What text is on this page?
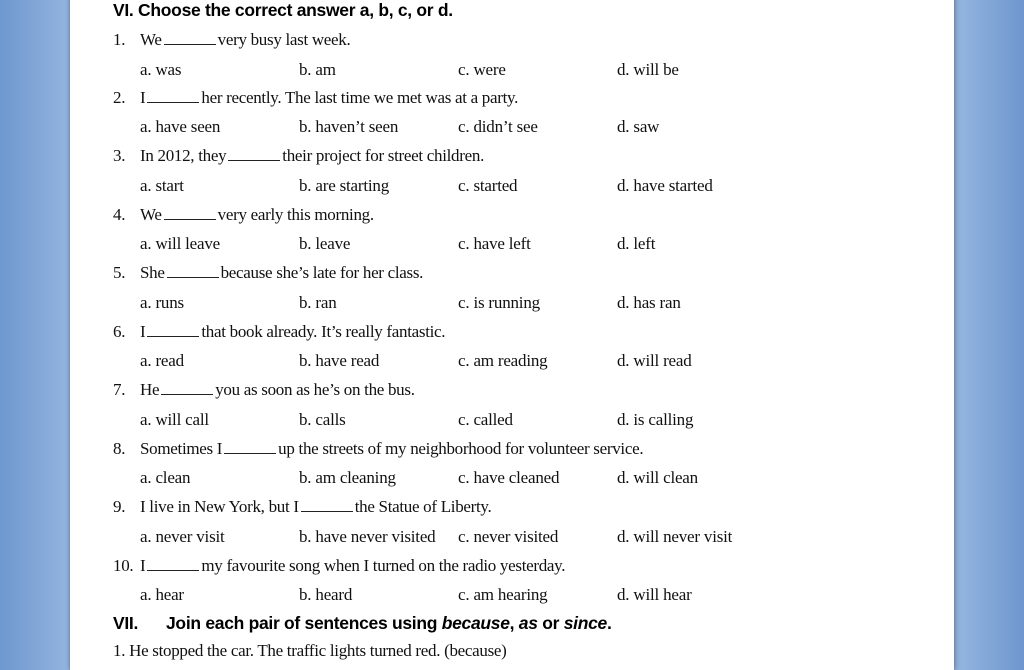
VI. Choose the correct answer a, b, c, or d.
1. We	very busy last week.
a. was	b. am	c. were	d. will be
2. I	her recently. The last time we met was at a party.
a. have seen	b. haven’t seen	c. didn’t see	d. saw
3. In 2012, they	their project for street children.
a. start	b. are starting	c. started	d. have started
4. We	very early this morning.
a. will leave	b. leave	c. have left	d. left
5. She	because she’s late for her class.
a. runs	b. ran	c. is running	d. has ran
6. I	that book already. It’s really fantastic.
a. read	b. have read	c. am reading	d. will read
7. He	you as soon as he’s on the bus.
a. will call	b. calls	c. called	d. is calling
8. Sometimes I	up the streets of my neighborhood for volunteer service.
a. clean	b. am cleaning	c. have cleaned	d. will clean
9. I live in New York, but I	the Statue of Liberty.
a. never visit	b. have never visited c. never visited	d. will never visit
10. I	my favourite song when I turned on the radio yesterday.
a. hear	b. heard	c. am hearing	d. will hear
VII. Join each pair of sentences using because, as or since.
1. He stopped the car. The traffic lights turned red. (because)
